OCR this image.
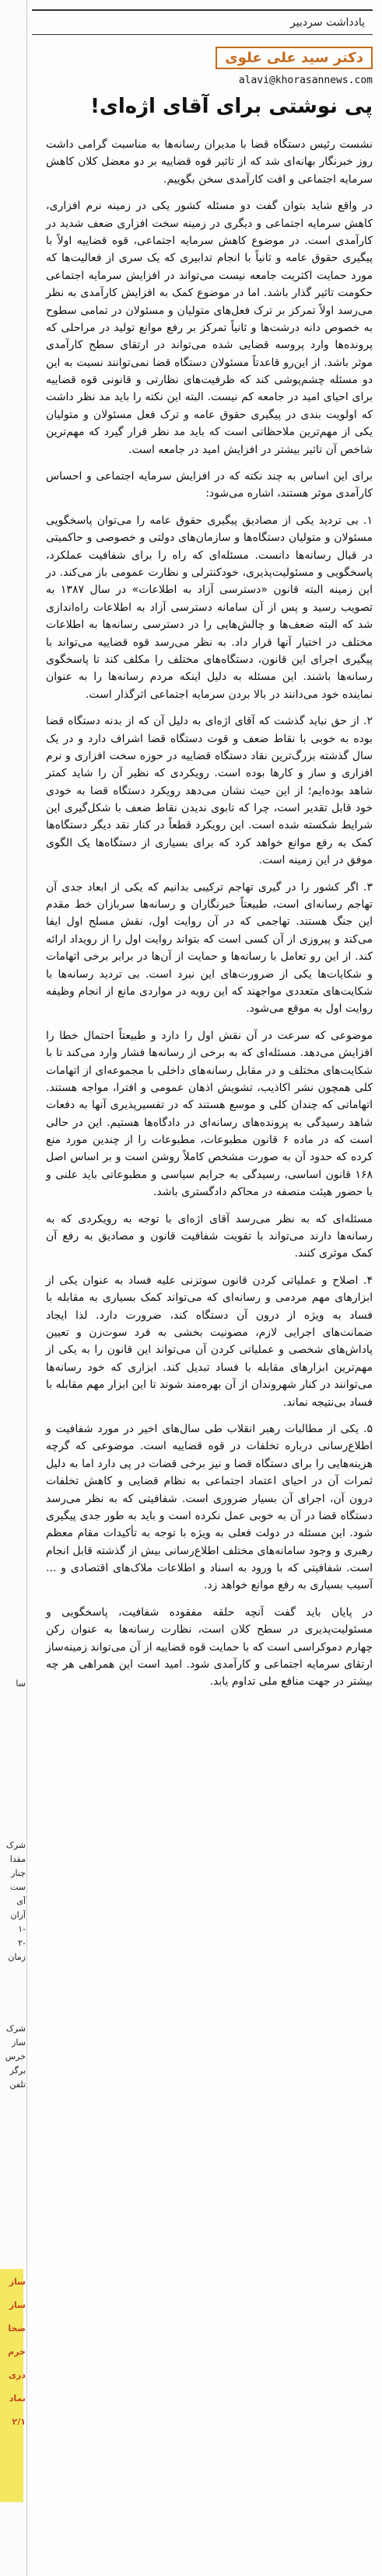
سا
شرک
مقدا
چنار
ست
آی
آران
-۱
-۲
زمان
شرک
ساز
خرس
برگز
تلفن
ساز
ساز
ضخا
خرم
دری
نماد
۲/۱
یادداشت سردبیر
دکتر سید علی علوی
alavi@khorasannews.com
پی نوشتی برای آقای اژه‌ای!

نشست رئیس دستگاه قضا با مدیران رسانه‌ها به مناسبت گرامی داشت روز خبرنگار بهانه‌ای شد که از تاثیر قوه قضاییه بر دو معضل کلان کاهش سرمایه اجتماعی و افت کارآمدی سخن بگوییم.

در واقع شاید بتوان گفت دو مسئله کشور یکی در زمینه نرم افزاری، کاهش سرمایه اجتماعی و دیگری در زمینه سخت افزاری ضعف شدید در کارآمدی است. در موضوع کاهش سرمایه اجتماعی، قوه قضاییه اولاً با پیگیری حقوق عامه و ثانیاً با انجام تدابیری که یک سری از فعالیت‌ها که مورد حمایت اکثریت جامعه نیست می‌تواند در افزایش سرمایه اجتماعی حکومت تاثیر گذار باشد. اما در موضوع کمک به افزایش کارآمدی به نظر می‌رسد اولاً تمرکز بر ترک فعل‌های متولیان و مسئولان در تمامی سطوح به خصوص دانه درشت‌ها و ثانیاً تمرکز بر رفع موانع تولید در مراحلی که پرونده‌ها وارد پروسه قضایی شده می‌تواند در ارتقای سطح کارآمدی موثر باشد. از این‌رو قاعدتاً مسئولان دستگاه قضا نمی‌توانند نسبت به این دو مسئله چشم‌پوشی کند که ظرفیت‌های نظارتی و قانونی قوه قضاییه برای احیای امید در جامعه کم نیست. البته این نکته را باید مد نظر داشت که اولویت بندی در پیگیری حقوق عامه و ترک فعل مسئولان و متولیان یکی از مهم‌ترین ملاحظاتی است که باید مد نظر قرار گیرد که مهم‌ترین شاخص آن تاثیر بیشتر در افزایش امید در جامعه است.

برای این اساس به چند نکته که در افزایش سرمایه اجتماعی و احساس کارآمدی موثر هستند، اشاره می‌شود:

۱. بی تردید یکی از مصادیق پیگیری حقوق عامه را می‌توان پاسخگویی مسئولان و متولیان دستگاه‌ها و سازمان‌های دولتی و خصوصی و حاکمیتی در قبال رسانه‌ها دانست. مسئله‌ای که راه را برای شفافیت عملکرد، پاسخگویی و مسئولیت‌پذیری، خودکنترلی و نظارت عمومی باز می‌کند. در این زمینه البته قانون «دسترسی آزاد به اطلاعات» در سال ۱۳۸۷ به تصویب رسید و پس از آن سامانه دسترسی آزاد به اطلاعات راه‌اندازی شد که البته ضعف‌ها و چالش‌هایی را در دسترسی رسانه‌ها به اطلاعات مختلف در اختیار آنها قرار داد. به نظر می‌رسد قوه قضاییه می‌تواند با پیگیری اجرای این قانون، دستگاه‌های مختلف را مکلف کند تا پاسخگوی رسانه‌ها باشند. این مسئله به دلیل اینکه مردم رسانه‌ها را به عنوان نماینده خود می‌دانند در بالا بردن سرمایه اجتماعی اثرگذار است.

۲. از حق نباید گذشت که آقای اژه‌ای به دلیل آن که از بدنه دستگاه قضا بوده به خوبی با نقاط ضعف و قوت دستگاه قضا اشراف دارد و در یک سال گذشته بزرگ‌ترین نقاد دستگاه قضاییه در حوزه سخت افزاری و نرم افزاری و ساز و کارها بوده است. رویکردی که نظیر آن را شاید کمتر شاهد بوده‌ایم؛ از این حیث نشان می‌دهد رویکرد دستگاه قضا به خودی خود قابل تقدیر است، چرا که تابوی ندیدن نقاط ضعف با شکل‌گیری این شرایط شکسته شده است. این رویکرد قطعاً در کنار نقد دیگر دستگاه‌ها کمک به رفع موانع خواهد کرد که برای بسیاری از دستگاه‌ها یک الگوی موفق در این زمینه است.

۳. اگر کشور را در گیری تهاجم ترکیبی بدانیم که یکی از ابعاد جدی آن تهاجم رسانه‌ای است، طبیعتاً خبرنگاران و رسانه‌ها سربازان خط مقدم این جنگ هستند. تهاجمی که در آن روایت اول، نقش مسلح اول ایفا می‌کند و پیروزی از آن کسی است که بتواند روایت اول را از رویداد ارائه کند. از این رو تعامل با رسانه‌ها و حمایت از آن‌ها در برابر برخی اتهامات و شکایات‌ها یکی از ضرورت‌های این نبرد است. بی تردید رسانه‌ها با شکایت‌های متعددی مواجهند که این رویه در مواردی مانع از انجام وظیفه روایت اول به موقع می‌شود.

موضوعی که سرعت در آن نقش اول را دارد و طبیعتاً احتمال خطا را افزایش می‌دهد. مسئله‌ای که به برخی از رسانه‌ها فشار وارد می‌کند تا با شکایت‌های مختلف و در مقابل رسانه‌های داخلی با مجموعه‌ای از اتهامات کلی همچون نشر اکاذیب، تشویش اذهان عمومی و افترا، مواجه هستند. اتهاماتی که چندان کلی و موسع هستند که در تفسیرپذیری آنها به دفعات شاهد رسیدگی به پرونده‌های رسانه‌ای در دادگاه‌ها هستیم. این در حالی است که در ماده ۶ قانون مطبوعات، مطبوعات را از چندین مورد منع کرده که حدود آن به صورت مشخص کاملاً روشن است و بر اساس اصل ۱۶۸ قانون اساسی، رسیدگی به جرایم سیاسی و مطبوعاتی باید علنی و با حضور هیئت منصفه در محاکم دادگستری باشد.

مسئله‌ای که به نظر می‌رسد آقای اژه‌ای با توجه به رویکردی که به رسانه‌ها دارند می‌تواند با تقویت شفافیت قانون و مصادیق به رفع آن کمک موثری کنند.

۴. اصلاح و عملیاتی کردن قانون سوتزنی علیه فساد به عنوان یکی از ابزارهای مهم مردمی و رسانه‌ای که می‌تواند کمک بسیاری به مقابله با فساد به ویژه از درون آن دستگاه کند، ضرورت دارد. لذا ایجاد ضمانت‌های اجرایی لازم، مصونیت بخشی به فرد سوت‌زن و تعیین پاداش‌های شخصی و عملیاتی کردن آن می‌تواند این قانون را به یکی از مهم‌ترین ابزارهای مقابله با فساد تبدیل کند. ابزاری که خود رسانه‌ها می‌توانند در کنار شهروندان از آن بهره‌مند شوند تا این ابزار مهم مقابله با فساد بی‌نتیجه نماند.

۵. یکی از مطالبات رهبر انقلاب طی سال‌های اخیر در مورد شفافیت و اطلاع‌رسانی درباره تخلفات در قوه قضاییه است. موضوعی که گرچه هزینه‌هایی را برای دستگاه قضا و نیز برخی قضات در پی دارد اما به دلیل ثمرات آن در احیای اعتماد اجتماعی به نظام قضایی و کاهش تخلفات درون آن، اجرای آن بسیار ضروری است. شفافیتی که به نظر می‌رسد دستگاه قضا در آن به خوبی عمل نکرده است و باید به طور جدی پیگیری شود. این مسئله در دولت فعلی به ویژه با توجه به تأکیدات مقام معظم رهبری و وجود سامانه‌های مختلف اطلاع‌رسانی بیش از گذشته قابل انجام است. شفافیتی که با ورود به اسناد و اطلاعات ملاک‌های اقتصادی و ... آسیب بسیاری به رفع موانع خواهد زد.

در پایان باید گفت آنچه حلقه مفقوده شفافیت، پاسخگویی و مسئولیت‌پذیری در سطح کلان است، نظارت رسانه‌ها به عنوان رکن چهارم دموکراسی است که با حمایت قوه قضاییه از آن می‌تواند زمینه‌ساز ارتقای سرمایه اجتماعی و کارآمدی شود. امید است این همراهی هر چه بیشتر در جهت منافع ملی تداوم یابد.
